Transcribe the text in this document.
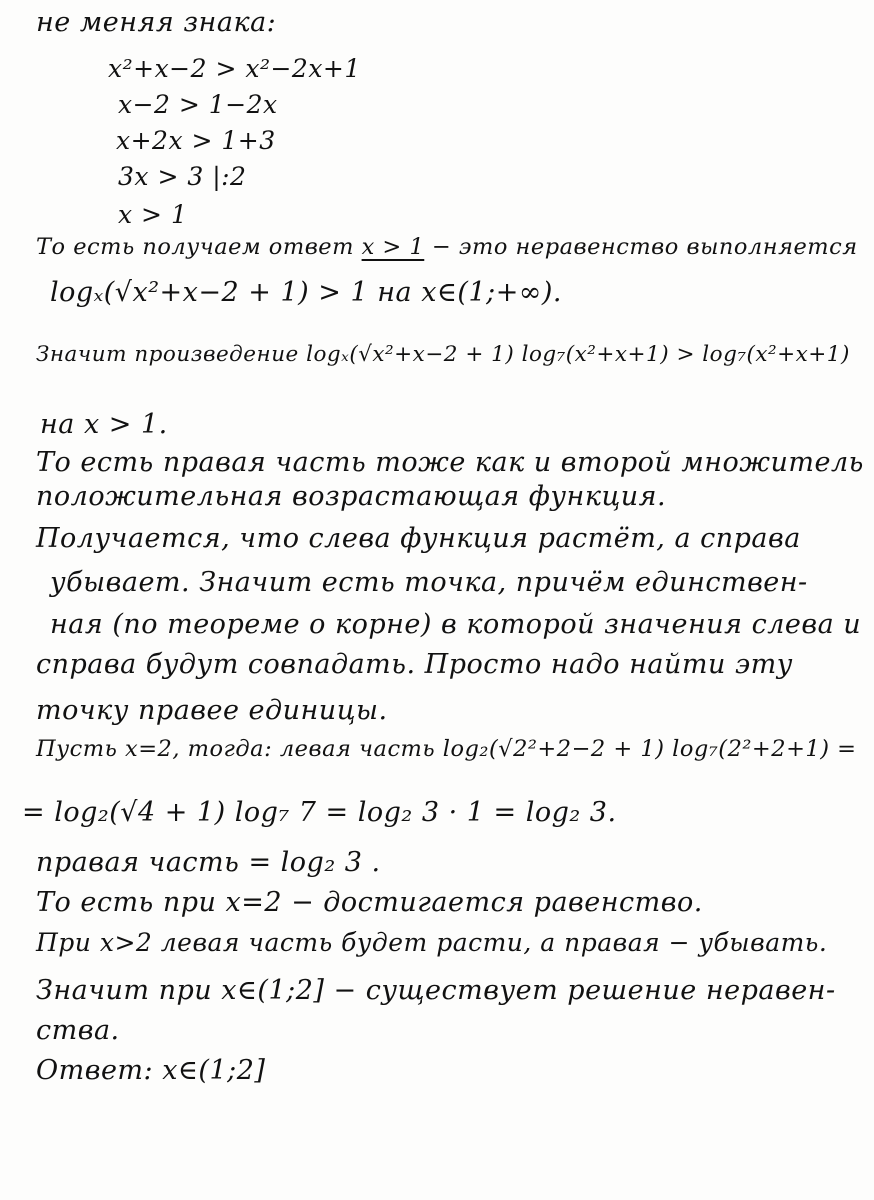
не меняя знака:
x²+x−2 > x²−2x+1
x−2 > 1−2x
x+2x > 1+3
3x > 3 |:2
x > 1
То есть получаем ответ x > 1 − это неравенство выполняется
logₓ(√x²+x−2 + 1) > 1 на x∈(1;+∞).
Значит произведение logₓ(√x²+x−2 + 1) log₇(x²+x+1) > log₇(x²+x+1)
на x > 1.
То есть правая часть тоже как и второй множитель
положительная возрастающая функция.
Получается, что слева функция растёт, а справа
убывает. Значит есть точка, причём единствен-
ная (по теореме о корне) в которой значения слева и
справа будут совпадать. Просто надо найти эту
точку правее единицы.
Пусть x=2, тогда: левая часть log₂(√2²+2−2 + 1) log₇(2²+2+1) =
= log₂(√4 + 1) log₇ 7 = log₂ 3 · 1 = log₂ 3.
правая часть = log₂ 3 .
То есть при x=2 − достигается равенство.
При x>2 левая часть будет расти, а правая − убывать.
Значит при x∈(1;2] − существует решение нерaвен-
ства.
Ответ: x∈(1;2]
